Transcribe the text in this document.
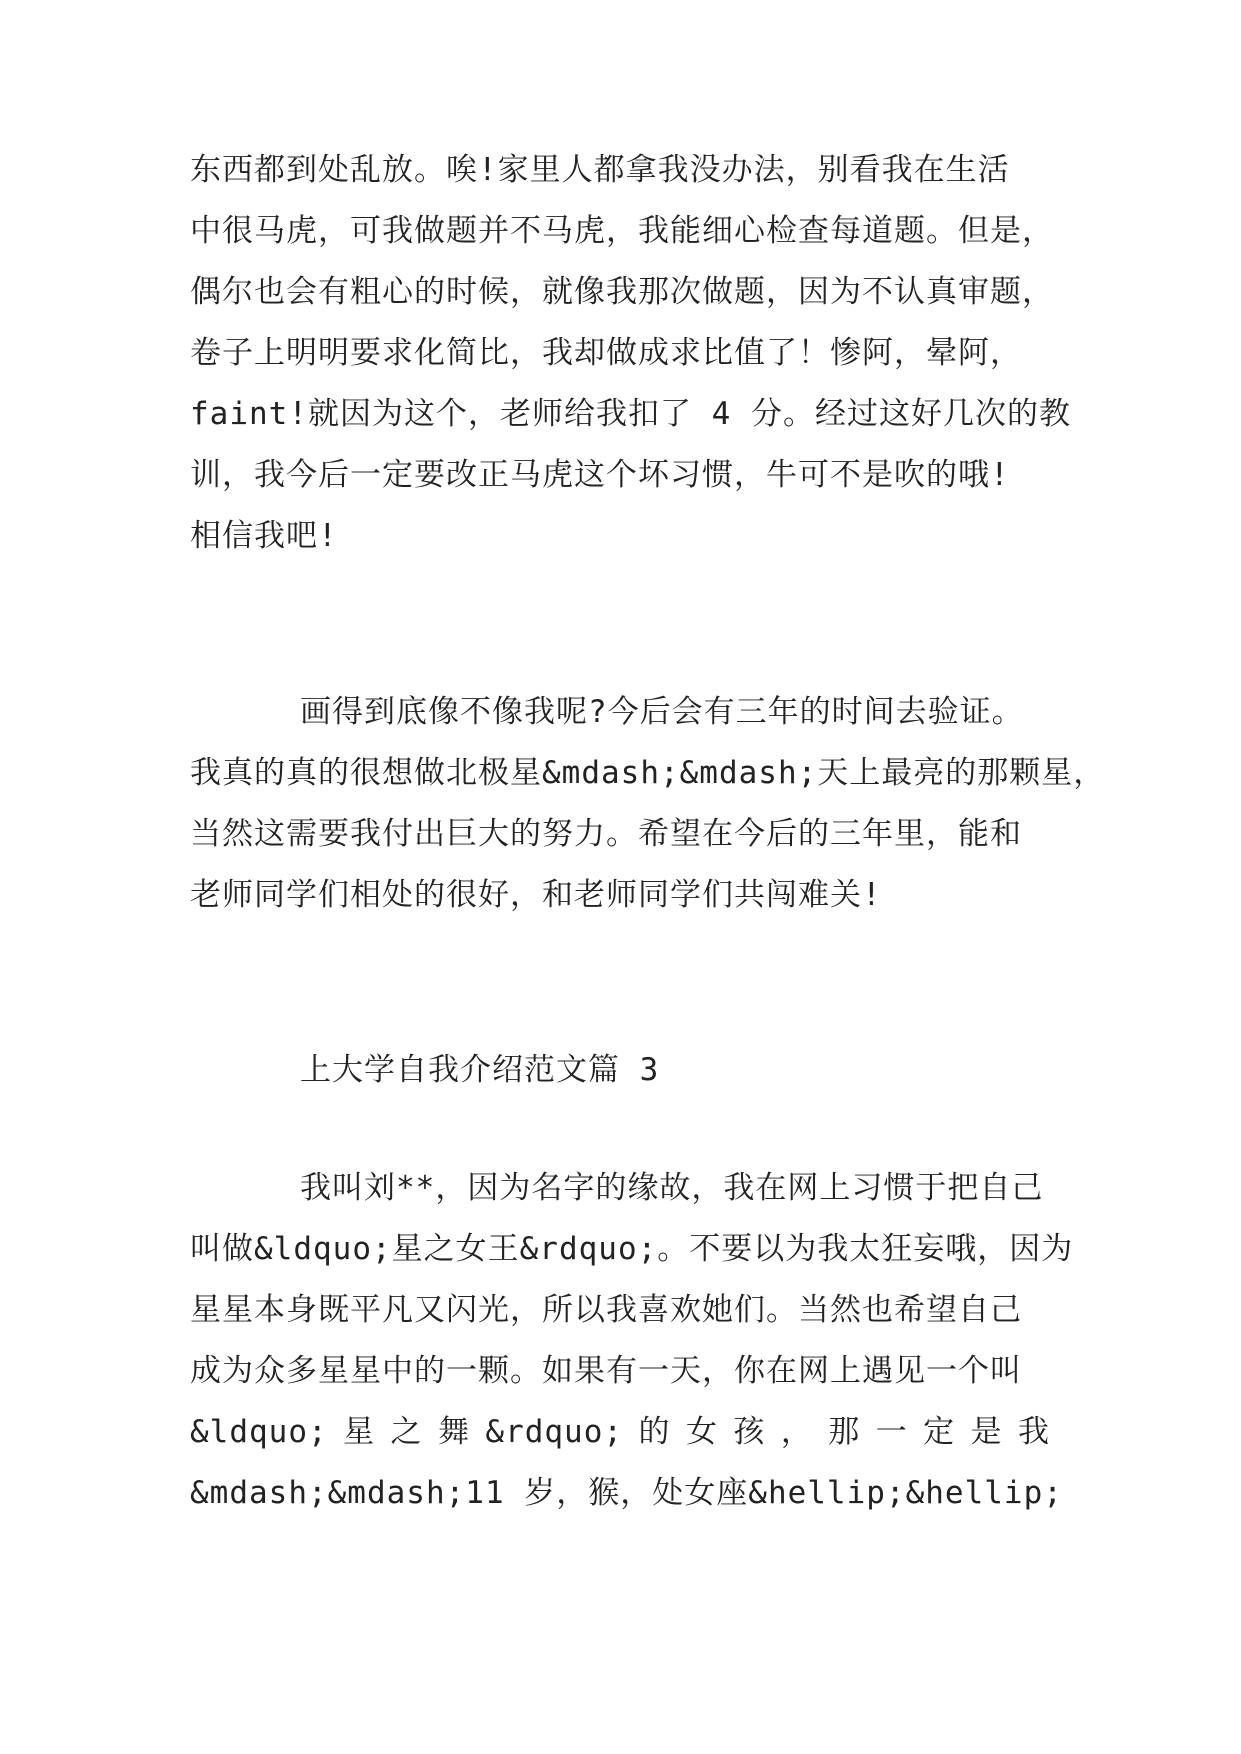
东西都到处乱放。唉!家里人都拿我没办法，别看我在生活
中很马虎，可我做题并不马虎，我能细心检查每道题。但是，
偶尔也会有粗心的时候，就像我那次做题，因为不认真审题，
卷子上明明要求化简比，我却做成求比值了！惨阿，晕阿，
faint!就因为这个，老师给我扣了 4 分。经过这好几次的教
训，我今后一定要改正马虎这个坏习惯，牛可不是吹的哦!
相信我吧!
画得到底像不像我呢?今后会有三年的时间去验证。
我真的真的很想做北极星&mdash;&mdash;天上最亮的那颗星，
当然这需要我付出巨大的努力。希望在今后的三年里，能和
老师同学们相处的很好，和老师同学们共闯难关!
上大学自我介绍范文篇 3
我叫刘**，因为名字的缘故，我在网上习惯于把自己
叫做&ldquo;星之女王&rdquo;。不要以为我太狂妄哦，因为
星星本身既平凡又闪光，所以我喜欢她们。当然也希望自己
成为众多星星中的一颗。如果有一天，你在网上遇见一个叫
&ldquo; 星 之 舞 &rdquo; 的 女 孩 ， 那 一 定 是 我
&mdash;&mdash;11 岁，猴，处女座&hellip;&hellip;
